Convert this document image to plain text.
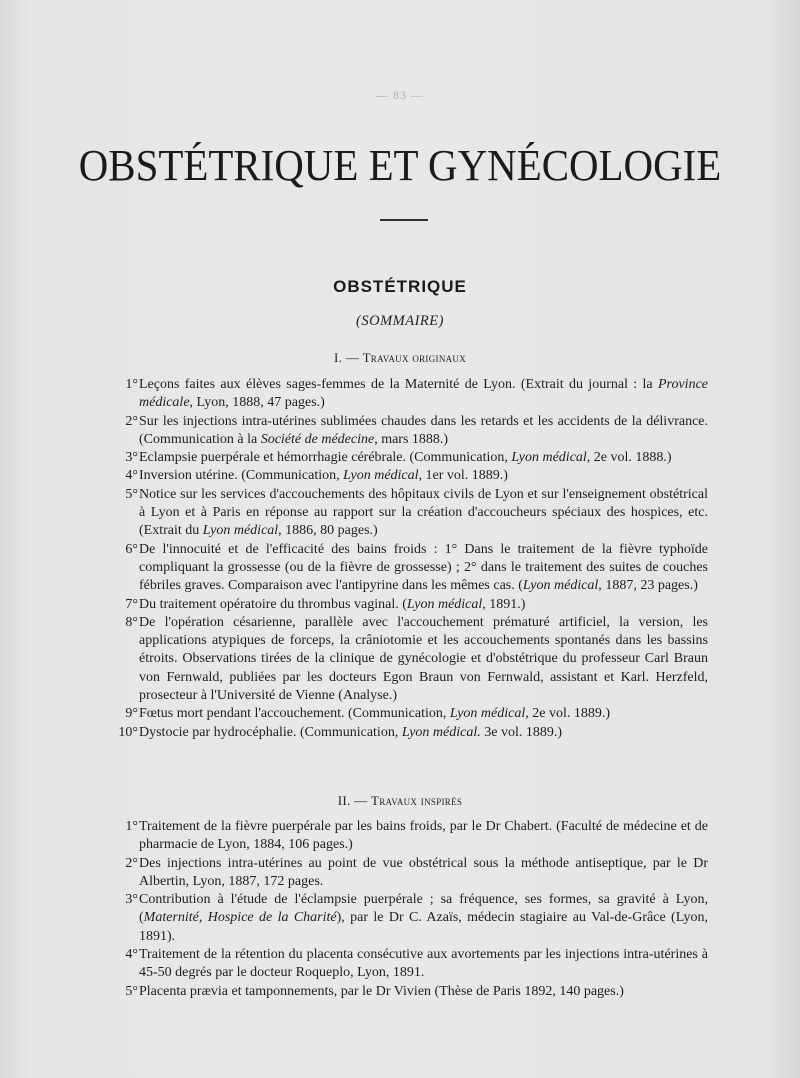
— 83 —
OBSTÉTRIQUE ET GYNÉCOLOGIE
OBSTÉTRIQUE
(SOMMAIRE)
I. — Travaux originaux
1° Leçons faites aux élèves sages-femmes de la Maternité de Lyon. (Extrait du journal : la Province médicale, Lyon, 1888, 47 pages.)
2° Sur les injections intra-utérines sublimées chaudes dans les retards et les accidents de la délivrance. (Communication à la Société de médecine, mars 1888.)
3° Eclampsie puerpérale et hémorrhagie cérébrale. (Communication, Lyon médical, 2e vol. 1888.)
4° Inversion utérine. (Communication, Lyon médical, 1er vol. 1889.)
5° Notice sur les services d'accouchements des hôpitaux civils de Lyon et sur l'enseignement obstétrical à Lyon et à Paris en réponse au rapport sur la création d'accoucheurs spéciaux des hospices, etc. (Extrait du Lyon médical, 1886, 80 pages.)
6° De l'innocuité et de l'efficacité des bains froids : 1° Dans le traitement de la fièvre typhoïde compliquant la grossesse (ou de la fièvre de grossesse) ; 2° dans le traitement des suites de couches fébriles graves. Comparaison avec l'antipyrine dans les mêmes cas. (Lyon médical, 1887, 23 pages.)
7° Du traitement opératoire du thrombus vaginal. (Lyon médical, 1891.)
8° De l'opération césarienne, parallèle avec l'accouchement prématuré artificiel, la version, les applications atypiques de forceps, la crâniotomie et les accouchements spontanés dans les bassins étroits. Observations tirées de la clinique de gynécologie et d'obstétrique du professeur Carl Braun von Fernwald, publiées par les docteurs Egon Braun von Fernwald, assistant et Karl. Herzfeld, prosecteur à l'Université de Vienne (Analyse.)
9° Fœtus mort pendant l'accouchement. (Communication, Lyon médical, 2e vol. 1889.)
10° Dystocie par hydrocéphalie. (Communication, Lyon médical. 3e vol. 1889.)
II. — Travaux inspirés
1° Traitement de la fièvre puerpérale par les bains froids, par le Dr Chabert. (Faculté de médecine et de pharmacie de Lyon, 1884, 106 pages.)
2° Des injections intra-utérines au point de vue obstétrical sous la méthode antiseptique, par le Dr Albertin, Lyon, 1887, 172 pages.
3° Contribution à l'étude de l'éclampsie puerpérale ; sa fréquence, ses formes, sa gravité à Lyon, (Maternité, Hospice de la Charité), par le Dr C. Azaïs, médecin stagiaire au Val-de-Grâce (Lyon, 1891).
4° Traitement de la rétention du placenta consécutive aux avortements par les injections intra-utérines à 45-50 degrés par le docteur Roqueplo, Lyon, 1891.
5° Placenta prævia et tamponnements, par le Dr Vivien (Thèse de Paris 1892, 140 pages.)
